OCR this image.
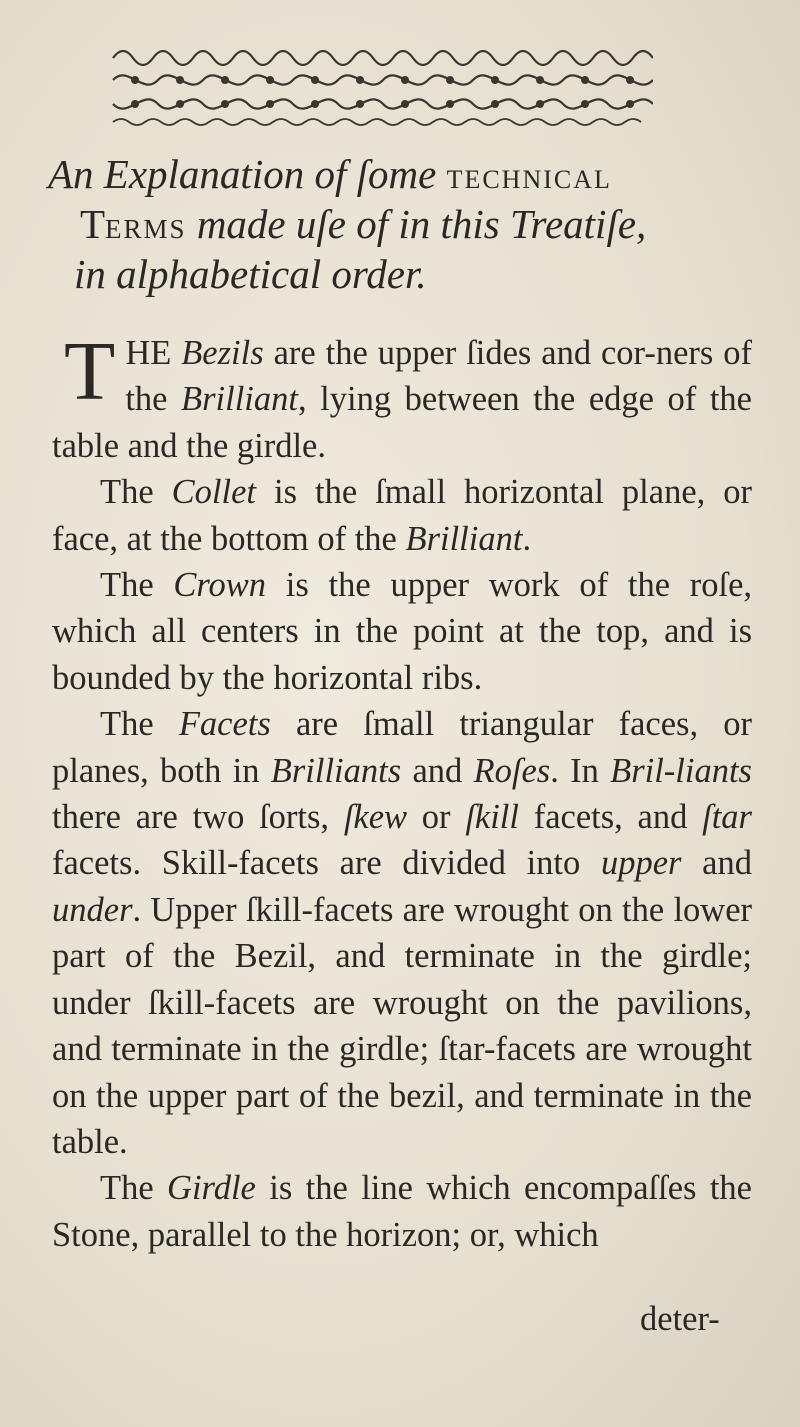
An Explanation of ſome TECHNICAL
TERMS made uſe of in this Treatiſe,
in alphabetical order.

THE Bezils are the upper ſides and cor-ners of the Brilliant, lying between the edge of the table and the girdle.

The Collet is the ſmall horizontal plane, or face, at the bottom of the Brilliant.

The Crown is the upper work of the roſe, which all centers in the point at the top, and is bounded by the horizontal ribs.

The Facets are ſmall triangular faces, or planes, both in Brilliants and Roſes. In Bril-liants there are two ſorts, ſkew or ſkill facets, and ſtar facets. Skill-facets are divided into upper and under. Upper ſkill-facets are wrought on the lower part of the Bezil, and terminate in the girdle; under ſkill-facets are wrought on the pavilions, and terminate in the girdle; ſtar-facets are wrought on the upper part of the bezil, and terminate in the table.

The Girdle is the line which encompaſſes the Stone, parallel to the horizon; or, which

deter-
